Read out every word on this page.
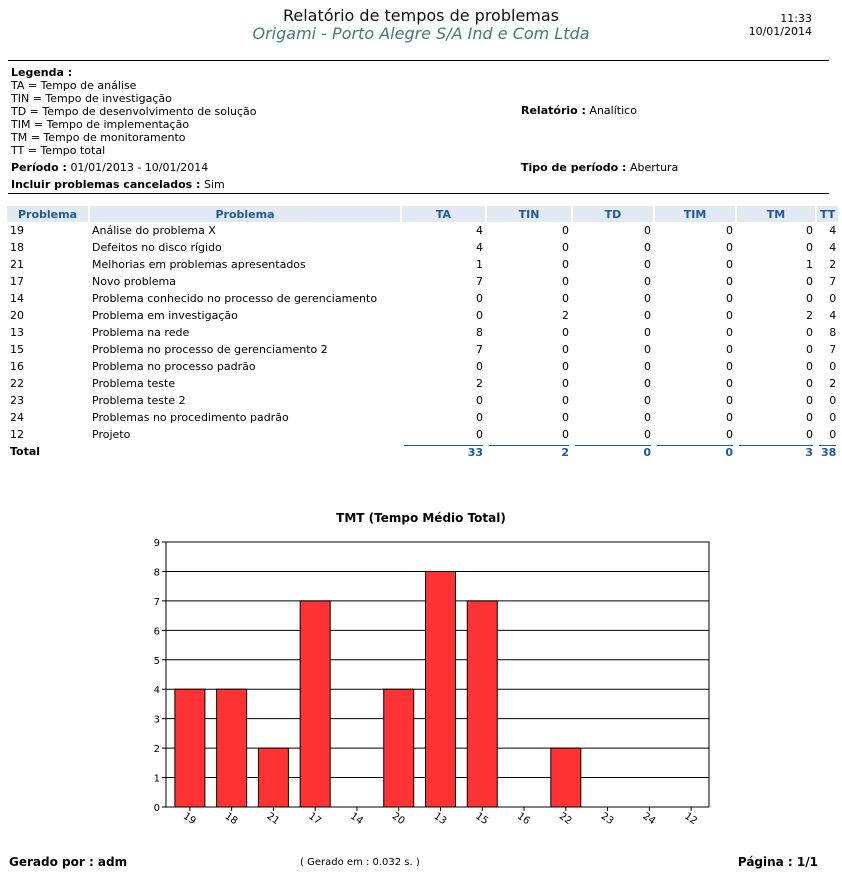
Relatório de tempos de problemas
Origami - Porto Alegre S/A Ind e Com Ltda
11:33
10/01/2014
Legenda :
TA = Tempo de análise
TIN = Tempo de investigação
TD = Tempo de desenvolvimento de solução
TIM = Tempo de implementação
TM = Tempo de monitoramento
TT = Tempo total
Relatório : Analítico
Período : 01/01/2013 - 10/01/2014	Tipo de período : Abertura
Incluir problemas cancelados : Sim
Problema	Problema	TA	TIN	TD	TIM	TM	TT
19	Análise do problema X	4	0	0	0	0	4
18	Defeitos no disco rígido	4	0	0	0	0	4
21	Melhorias em problemas apresentados	1	0	0	0	1	2
17	Novo problema	7	0	0	0	0	7
14	Problema conhecido no processo de gerenciamento	0	0	0	0	0	0
20	Problema em investigação	0	2	0	0	2	4
13	Problema na rede	8	0	0	0	0	8
15	Problema no processo de gerenciamento 2	7	0	0	0	0	7
16	Problema no processo padrão	0	0	0	0	0	0
22	Problema teste	2	0	0	0	0	2
23	Problema teste 2	0	0	0	0	0	0
24	Problemas no procedimento padrão	0	0	0	0	0	0
12	Projeto	0	0	0	0	0	0
Total		33	2	0	0	3	38
TMT (Tempo Médio Total)
0
1
2
3
4
5
6
7
8
9
19	18	21	17	14	20	13	15	16	22	23	24	12
Gerado por : adm	( Gerado em : 0.032 s. )	Página : 1/1
